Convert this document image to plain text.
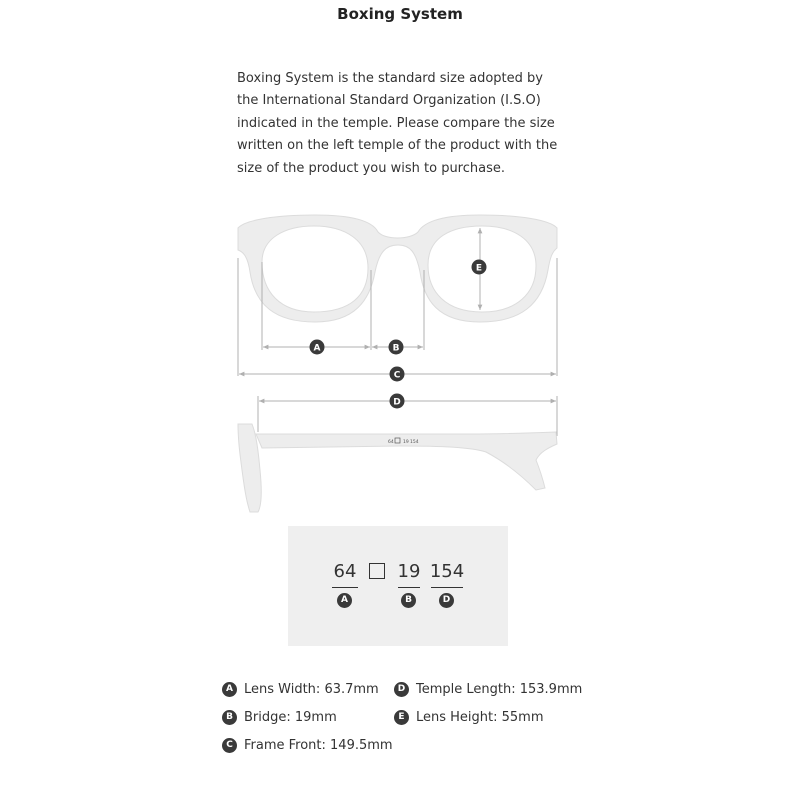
Boxing System

Boxing System is the standard size adopted by the International Standard Organization (I.S.O) indicated in the temple. Please compare the size written on the left temple of the product with the size of the product you wish to purchase.

64 19 154
E
A	B
C
D
64
A
19
B
154
D
A Lens Width: 63.7mm
B Bridge: 19mm
C Frame Front: 149.5mm
D Temple Length: 153.9mm
E Lens Height: 55mm
